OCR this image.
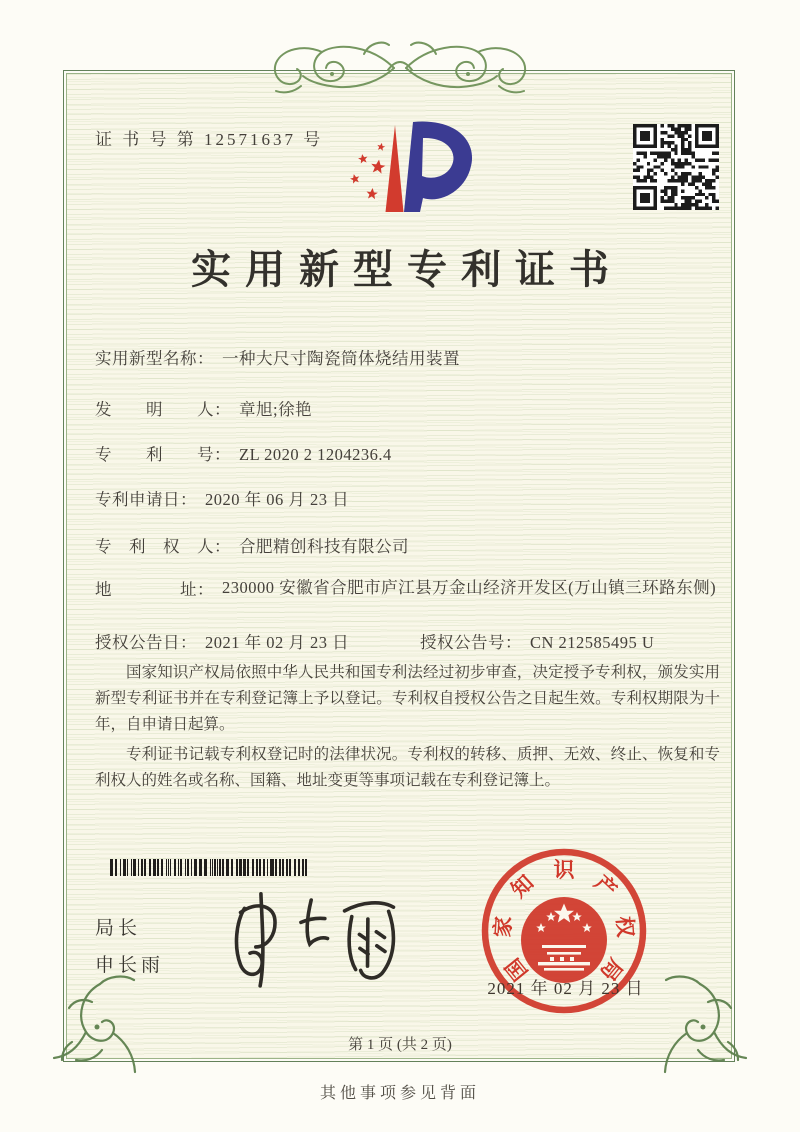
证 书 号 第 12571637 号
实用新型专利证书
实用新型名称： 一种大尺寸陶瓷筒体烧结用装置
发　　明　　人： 章旭;徐艳
专　　利　　号： ZL 2020 2 1204236.4
专利申请日： 2020 年 06 月 23 日
专　利　权　人： 合肥精创科技有限公司
地　　　　址： 230000 安徽省合肥市庐江县万金山经济开发区(万山镇三环路东侧)
授权公告日： 2021 年 02 月 23 日	授权公告号： CN 212585495 U

国家知识产权局依照中华人民共和国专利法经过初步审查，决定授予专利权，颁发实用新型专利证书并在专利登记簿上予以登记。专利权自授权公告之日起生效。专利权期限为十年，自申请日起算。

专利证书记载专利权登记时的法律状况。专利权的转移、质押、无效、终止、恢复和专利权人的姓名或名称、国籍、地址变更等事项记载在专利登记簿上。

局长
申长雨	国
家
知
识
产
权
局
2021 年 02 月 23 日
第 1 页 (共 2 页)
其他事项参见背面
